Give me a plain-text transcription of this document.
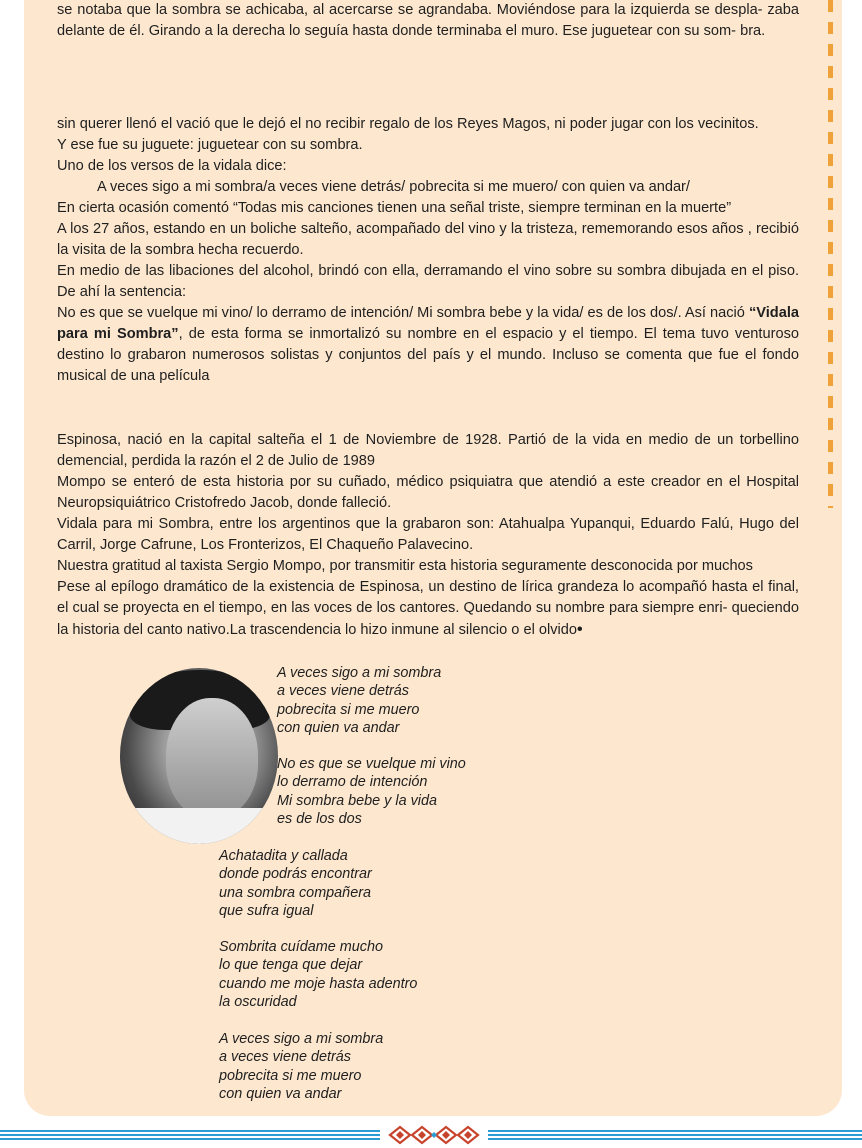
se notaba que la sombra se achicaba, al acercarse se agrandaba. Moviéndose para la izquierda se despla- zaba delante de él. Girando a la derecha lo seguía hasta donde terminaba el muro. Ese juguetear con su som- bra.

sin querer llenó el vació que le dejó el no recibir regalo de los Reyes Magos, ni poder jugar con los vecinitos.

Y ese fue su juguete: juguetear con su sombra.

Uno de los versos de la vidala dice:

A veces sigo a mi sombra/a veces viene detrás/ pobrecita si me muero/ con quien va andar/

En cierta ocasión comentó “Todas mis canciones tienen una señal triste, siempre terminan en la muerte”

A los 27 años, estando en un boliche salteño, acompañado del vino y la tristeza, rememorando esos años , recibió la visita de la sombra hecha recuerdo.

En medio de las libaciones del alcohol, brindó con ella, derramando el vino sobre su sombra dibujada en el piso. De ahí la sentencia:

No es que se vuelque mi vino/ lo derramo de intención/ Mi sombra bebe y la vida/ es de los dos/. Así nació “Vidala para mi Sombra”, de esta forma se inmortalizó su nombre en el espacio y el tiempo. El tema tuvo venturoso destino lo grabaron numerosos solistas y conjuntos del país y el mundo. Incluso se comenta que fue el fondo musical de una película

Espinosa, nació en la capital salteña el 1 de Noviembre de 1928. Partió de la vida en medio de un torbellino demencial, perdida la razón el 2 de Julio de 1989

Mompo se enteró de esta historia por su cuñado, médico psiquiatra que atendió a este creador en el Hospital Neuropsiquiátrico Cristofredo Jacob, donde falleció.

Vidala para mi Sombra, entre los argentinos que la grabaron son: Atahualpa Yupanqui, Eduardo Falú, Hugo del Carril, Jorge Cafrune, Los Fronterizos, El Chaqueño Palavecino.

Nuestra gratitud al taxista Sergio Mompo, por transmitir esta historia seguramente desconocida por muchos

Pese al epílogo dramático de la existencia de Espinosa, un destino de lírica grandeza lo acompañó hasta el final, el cual se proyecta en el tiempo, en las voces de los cantores. Quedando su nombre para siempre enri- queciendo la historia del canto nativo.La trascendencia lo hizo inmune al silencio o el olvido•

A veces sigo a mi sombra
a veces viene detrás
pobrecita si me muero
con quien va andar
No es que se vuelque mi vino
lo derramo de intención
Mi sombra bebe y la vida
es de los dos
Achatadita y callada
donde podrás encontrar
una sombra compañera
que sufra igual
Sombrita cuídame mucho
lo que tenga que dejar
cuando me moje hasta adentro
la oscuridad
A veces sigo a mi sombra
a veces viene detrás
pobrecita si me muero
con quien va andar
